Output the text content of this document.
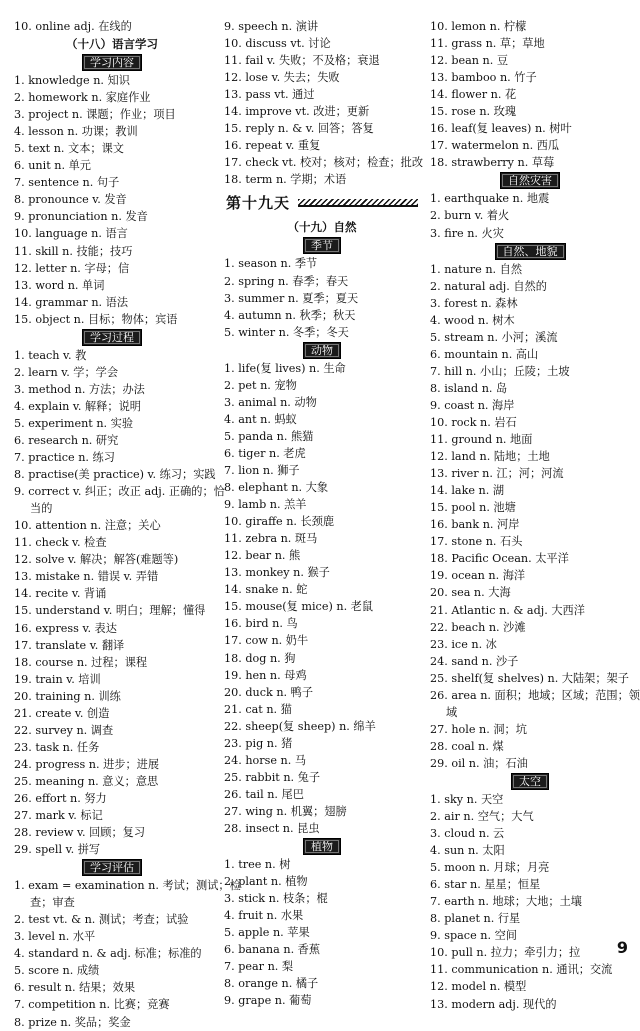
10. online adj. 在线的
（十八）语言学习
学习内容
1. knowledge n. 知识
2. homework n. 家庭作业
3. project n. 课题；作业；项目
4. lesson n. 功课；教训
5. text n. 文本；课文
6. unit n. 单元
7. sentence n. 句子
8. pronounce v. 发音
9. pronunciation n. 发音
10. language n. 语言
11. skill n. 技能；技巧
12. letter n. 字母；信
13. word n. 单词
14. grammar n. 语法
15. object n. 目标；物体；宾语
学习过程
1. teach v. 教
2. learn v. 学；学会
3. method n. 方法；办法
4. explain v. 解释；说明
5. experiment n. 实验
6. research n. 研究
7. practice n. 练习
8. practise(美 practice) v. 练习；实践
9. correct v. 纠正；改正 adj. 正确的；恰
当的
10. attention n. 注意；关心
11. check v. 检查
12. solve v. 解决；解答(难题等)
13. mistake n. 错误 v. 弄错
14. recite v. 背诵
15. understand v. 明白；理解；懂得
16. express v. 表达
17. translate v. 翻译
18. course n. 过程；课程
19. train v. 培训
20. training n. 训练
21. create v. 创造
22. survey n. 调查
23. task n. 任务
24. progress n. 进步；进展
25. meaning n. 意义；意思
26. effort n. 努力
27. mark v. 标记
28. review v. 回顾；复习
29. spell v. 拼写
学习评估
1. exam = examination n. 考试；测试；检
查；审查
2. test vt. & n. 测试；考查；试验
3. level n. 水平
4. standard n. & adj. 标准；标准的
5. score n. 成绩
6. result n. 结果；效果
7. competition n. 比赛；竞赛
8. prize n. 奖品；奖金
9. speech n. 演讲
10. discuss vt. 讨论
11. fail v. 失败；不及格；衰退
12. lose v. 失去；失败
13. pass vt. 通过
14. improve vt. 改进；更新
15. reply n. & v. 回答；答复
16. repeat v. 重复
17. check vt. 校对；核对；检查；批改
18. term n. 学期；术语
第十九天
（十九）自然
季节
1. season n. 季节
2. spring n. 春季；春天
3. summer n. 夏季；夏天
4. autumn n. 秋季；秋天
5. winter n. 冬季；冬天
动物
1. life(复 lives) n. 生命
2. pet n. 宠物
3. animal n. 动物
4. ant n. 蚂蚁
5. panda n. 熊猫
6. tiger n. 老虎
7. lion n. 狮子
8. elephant n. 大象
9. lamb n. 羔羊
10. giraffe n. 长颈鹿
11. zebra n. 斑马
12. bear n. 熊
13. monkey n. 猴子
14. snake n. 蛇
15. mouse(复 mice) n. 老鼠
16. bird n. 鸟
17. cow n. 奶牛
18. dog n. 狗
19. hen n. 母鸡
20. duck n. 鸭子
21. cat n. 猫
22. sheep(复 sheep) n. 绵羊
23. pig n. 猪
24. horse n. 马
25. rabbit n. 兔子
26. tail n. 尾巴
27. wing n. 机翼；翅膀
28. insect n. 昆虫
植物
1. tree n. 树
2. plant n. 植物
3. stick n. 枝条；棍
4. fruit n. 水果
5. apple n. 苹果
6. banana n. 香蕉
7. pear n. 梨
8. orange n. 橘子
9. grape n. 葡萄
10. lemon n. 柠檬
11. grass n. 草；草地
12. bean n. 豆
13. bamboo n. 竹子
14. flower n. 花
15. rose n. 玫瑰
16. leaf(复 leaves) n. 树叶
17. watermelon n. 西瓜
18. strawberry n. 草莓
自然灾害
1. earthquake n. 地震
2. burn v. 着火
3. fire n. 火灾
自然、地貌
1. nature n. 自然
2. natural adj. 自然的
3. forest n. 森林
4. wood n. 树木
5. stream n. 小河；溪流
6. mountain n. 高山
7. hill n. 小山；丘陵；土坡
8. island n. 岛
9. coast n. 海岸
10. rock n. 岩石
11. ground n. 地面
12. land n. 陆地；土地
13. river n. 江；河；河流
14. lake n. 湖
15. pool n. 池塘
16. bank n. 河岸
17. stone n. 石头
18. Pacific Ocean. 太平洋
19. ocean n. 海洋
20. sea n. 大海
21. Atlantic n. & adj. 大西洋
22. beach n. 沙滩
23. ice n. 冰
24. sand n. 沙子
25. shelf(复 shelves) n. 大陆架；架子
26. area n. 面积；地域；区域；范围；领
域
27. hole n. 洞；坑
28. coal n. 煤
29. oil n. 油；石油
太空
1. sky n. 天空
2. air n. 空气；大气
3. cloud n. 云
4. sun n. 太阳
5. moon n. 月球；月亮
6. star n. 星星；恒星
7. earth n. 地球；大地；土壤
8. planet n. 行星
9. space n. 空间
10. pull n. 拉力；牵引力；拉
11. communication n. 通讯；交流
12. model n. 模型
13. modern adj. 现代的
9
